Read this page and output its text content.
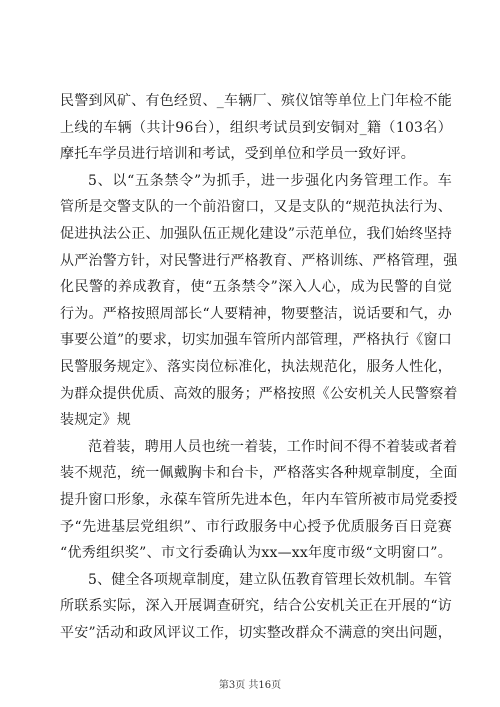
民警到风矿、有色经贸、_车辆厂、殡仪馆等单位上门年检不能
上线的车辆（共计96台），组织考试员到安铜对_籍（103名）
摩托车学员进行培训和考试，受到单位和学员一致好评。
5、以“五条禁令”为抓手，进一步强化内务管理工作。车
管所是交警支队的一个前沿窗口，又是支队的“规范执法行为、
促进执法公正、加强队伍正规化建设”示范单位，我们始终坚持
从严治警方针，对民警进行严格教育、严格训练、严格管理，强
化民警的养成教育，使“五条禁令”深入人心，成为民警的自觉
行为。严格按照周部长“人要精神，物要整洁，说话要和气，办
事要公道”的要求，切实加强车管所内部管理，严格执行《窗口
民警服务规定》、落实岗位标准化，执法规范化，服务人性化，
为群众提供优质、高效的服务；严格按照《公安机关人民警察着
装规定》规
范着装，聘用人员也统一着装，工作时间不得不着装或者着
装不规范，统一佩戴胸卡和台卡，严格落实各种规章制度，全面
提升窗口形象，永葆车管所先进本色，年内车管所被市局党委授
予“先进基层党组织”、市行政服务中心授予优质服务百日竞赛
“优秀组织奖”、市文行委确认为xx—xx年度市级“文明窗口”。
5、健全各项规章制度，建立队伍教育管理长效机制。车管
所联系实际，深入开展调查研究，结合公安机关正在开展的“访
平安”活动和政风评议工作，切实整改群众不满意的突出问题，
第3页 共16页
